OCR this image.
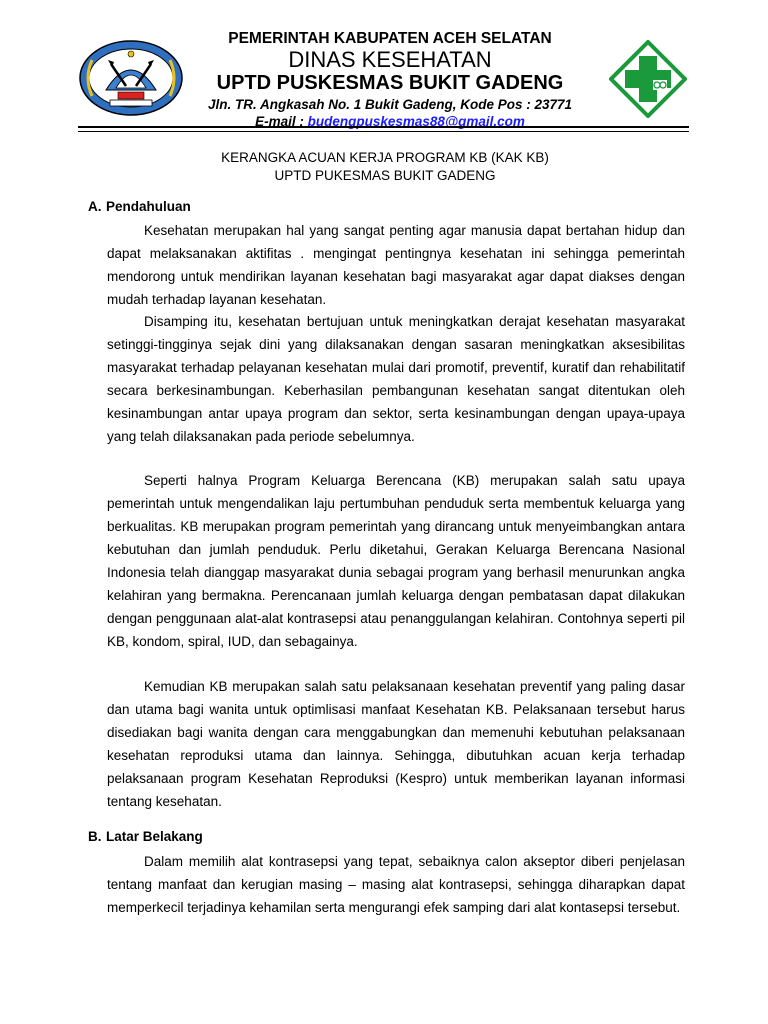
PEMERINTAH KABUPATEN ACEH SELATAN
DINAS KESEHATAN
UPTD PUSKESMAS BUKIT GADENG
Jln. TR. Angkasah No. 1 Bukit Gadeng, Kode Pos : 23771
E-mail : budengpuskesmas88@gmail.com
KERANGKA ACUAN KERJA PROGRAM KB (KAK KB)
UPTD PUKESMAS BUKIT GADENG
A. Pendahuluan

Kesehatan merupakan hal yang sangat penting agar manusia dapat bertahan hidup dan dapat melaksanakan aktifitas . mengingat pentingnya kesehatan ini sehingga pemerintah mendorong untuk mendirikan layanan kesehatan bagi masyarakat agar dapat diakses dengan mudah terhadap layanan kesehatan.

Disamping itu, kesehatan bertujuan untuk meningkatkan derajat kesehatan masyarakat setinggi-tingginya sejak dini yang dilaksanakan dengan sasaran meningkatkan aksesibilitas masyarakat terhadap pelayanan kesehatan mulai dari promotif, preventif, kuratif dan rehabilitatif secara berkesinambungan. Keberhasilan pembangunan kesehatan sangat ditentukan oleh kesinambungan antar upaya program dan sektor, serta kesinambungan dengan upaya-upaya yang telah dilaksanakan pada periode sebelumnya.

Seperti halnya Program Keluarga Berencana (KB) merupakan salah satu upaya pemerintah untuk mengendalikan laju pertumbuhan penduduk serta membentuk keluarga yang berkualitas. KB merupakan program pemerintah yang dirancang untuk menyeimbangkan antara kebutuhan dan jumlah penduduk. Perlu diketahui, Gerakan Keluarga Berencana Nasional Indonesia telah dianggap masyarakat dunia sebagai program yang berhasil menurunkan angka kelahiran yang bermakna. Perencanaan jumlah keluarga dengan pembatasan dapat dilakukan dengan penggunaan alat-alat kontrasepsi atau penanggulangan kelahiran. Contohnya seperti pil KB, kondom, spiral, IUD, dan sebagainya.

Kemudian KB merupakan salah satu pelaksanaan kesehatan preventif yang paling dasar dan utama bagi wanita untuk optimlisasi manfaat Kesehatan KB. Pelaksanaan tersebut harus disediakan bagi wanita dengan cara menggabungkan dan memenuhi kebutuhan pelaksanaan kesehatan reproduksi utama dan lainnya. Sehingga, dibutuhkan acuan kerja terhadap pelaksanaan program Kesehatan Reproduksi (Kespro) untuk memberikan layanan informasi tentang kesehatan.

B. Latar Belakang

Dalam memilih alat kontrasepsi yang tepat, sebaiknya calon akseptor diberi penjelasan tentang manfaat dan kerugian masing – masing alat kontrasepsi, sehingga diharapkan dapat memperkecil terjadinya kehamilan serta mengurangi efek samping dari alat kontasepsi tersebut.
